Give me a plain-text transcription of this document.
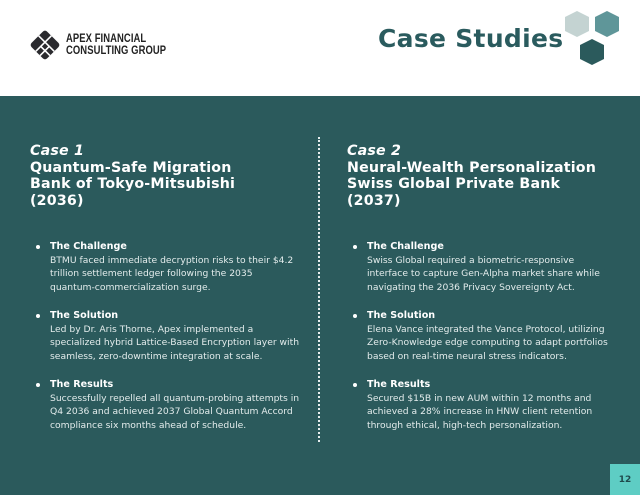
APEX FINANCIAL
CONSULTING GROUP	Case Studies
Case 1
Quantum-Safe Migration
Bank of Tokyo-Mitsubishi
(2036)
The Challenge
BTMU faced immediate decryption risks to their $4.2 trillion settlement ledger following the 2035 quantum-commercialization surge.
The Solution
Led by Dr. Aris Thorne, Apex implemented a specialized hybrid Lattice-Based Encryption layer with seamless, zero-downtime integration at scale.
The Results
Successfully repelled all quantum-probing attempts in Q4 2036 and achieved 2037 Global Quantum Accord compliance six months ahead of schedule.
Case 2
Neural-Wealth Personalization
Swiss Global Private Bank
(2037)
The Challenge
Swiss Global required a biometric-responsive interface to capture Gen-Alpha market share while navigating the 2036 Privacy Sovereignty Act.
The Solution
Elena Vance integrated the Vance Protocol, utilizing Zero-Knowledge edge computing to adapt portfolios based on real-time neural stress indicators.
The Results
Secured $15B in new AUM within 12 months and achieved a 28% increase in HNW client retention through ethical, high-tech personalization.
12
